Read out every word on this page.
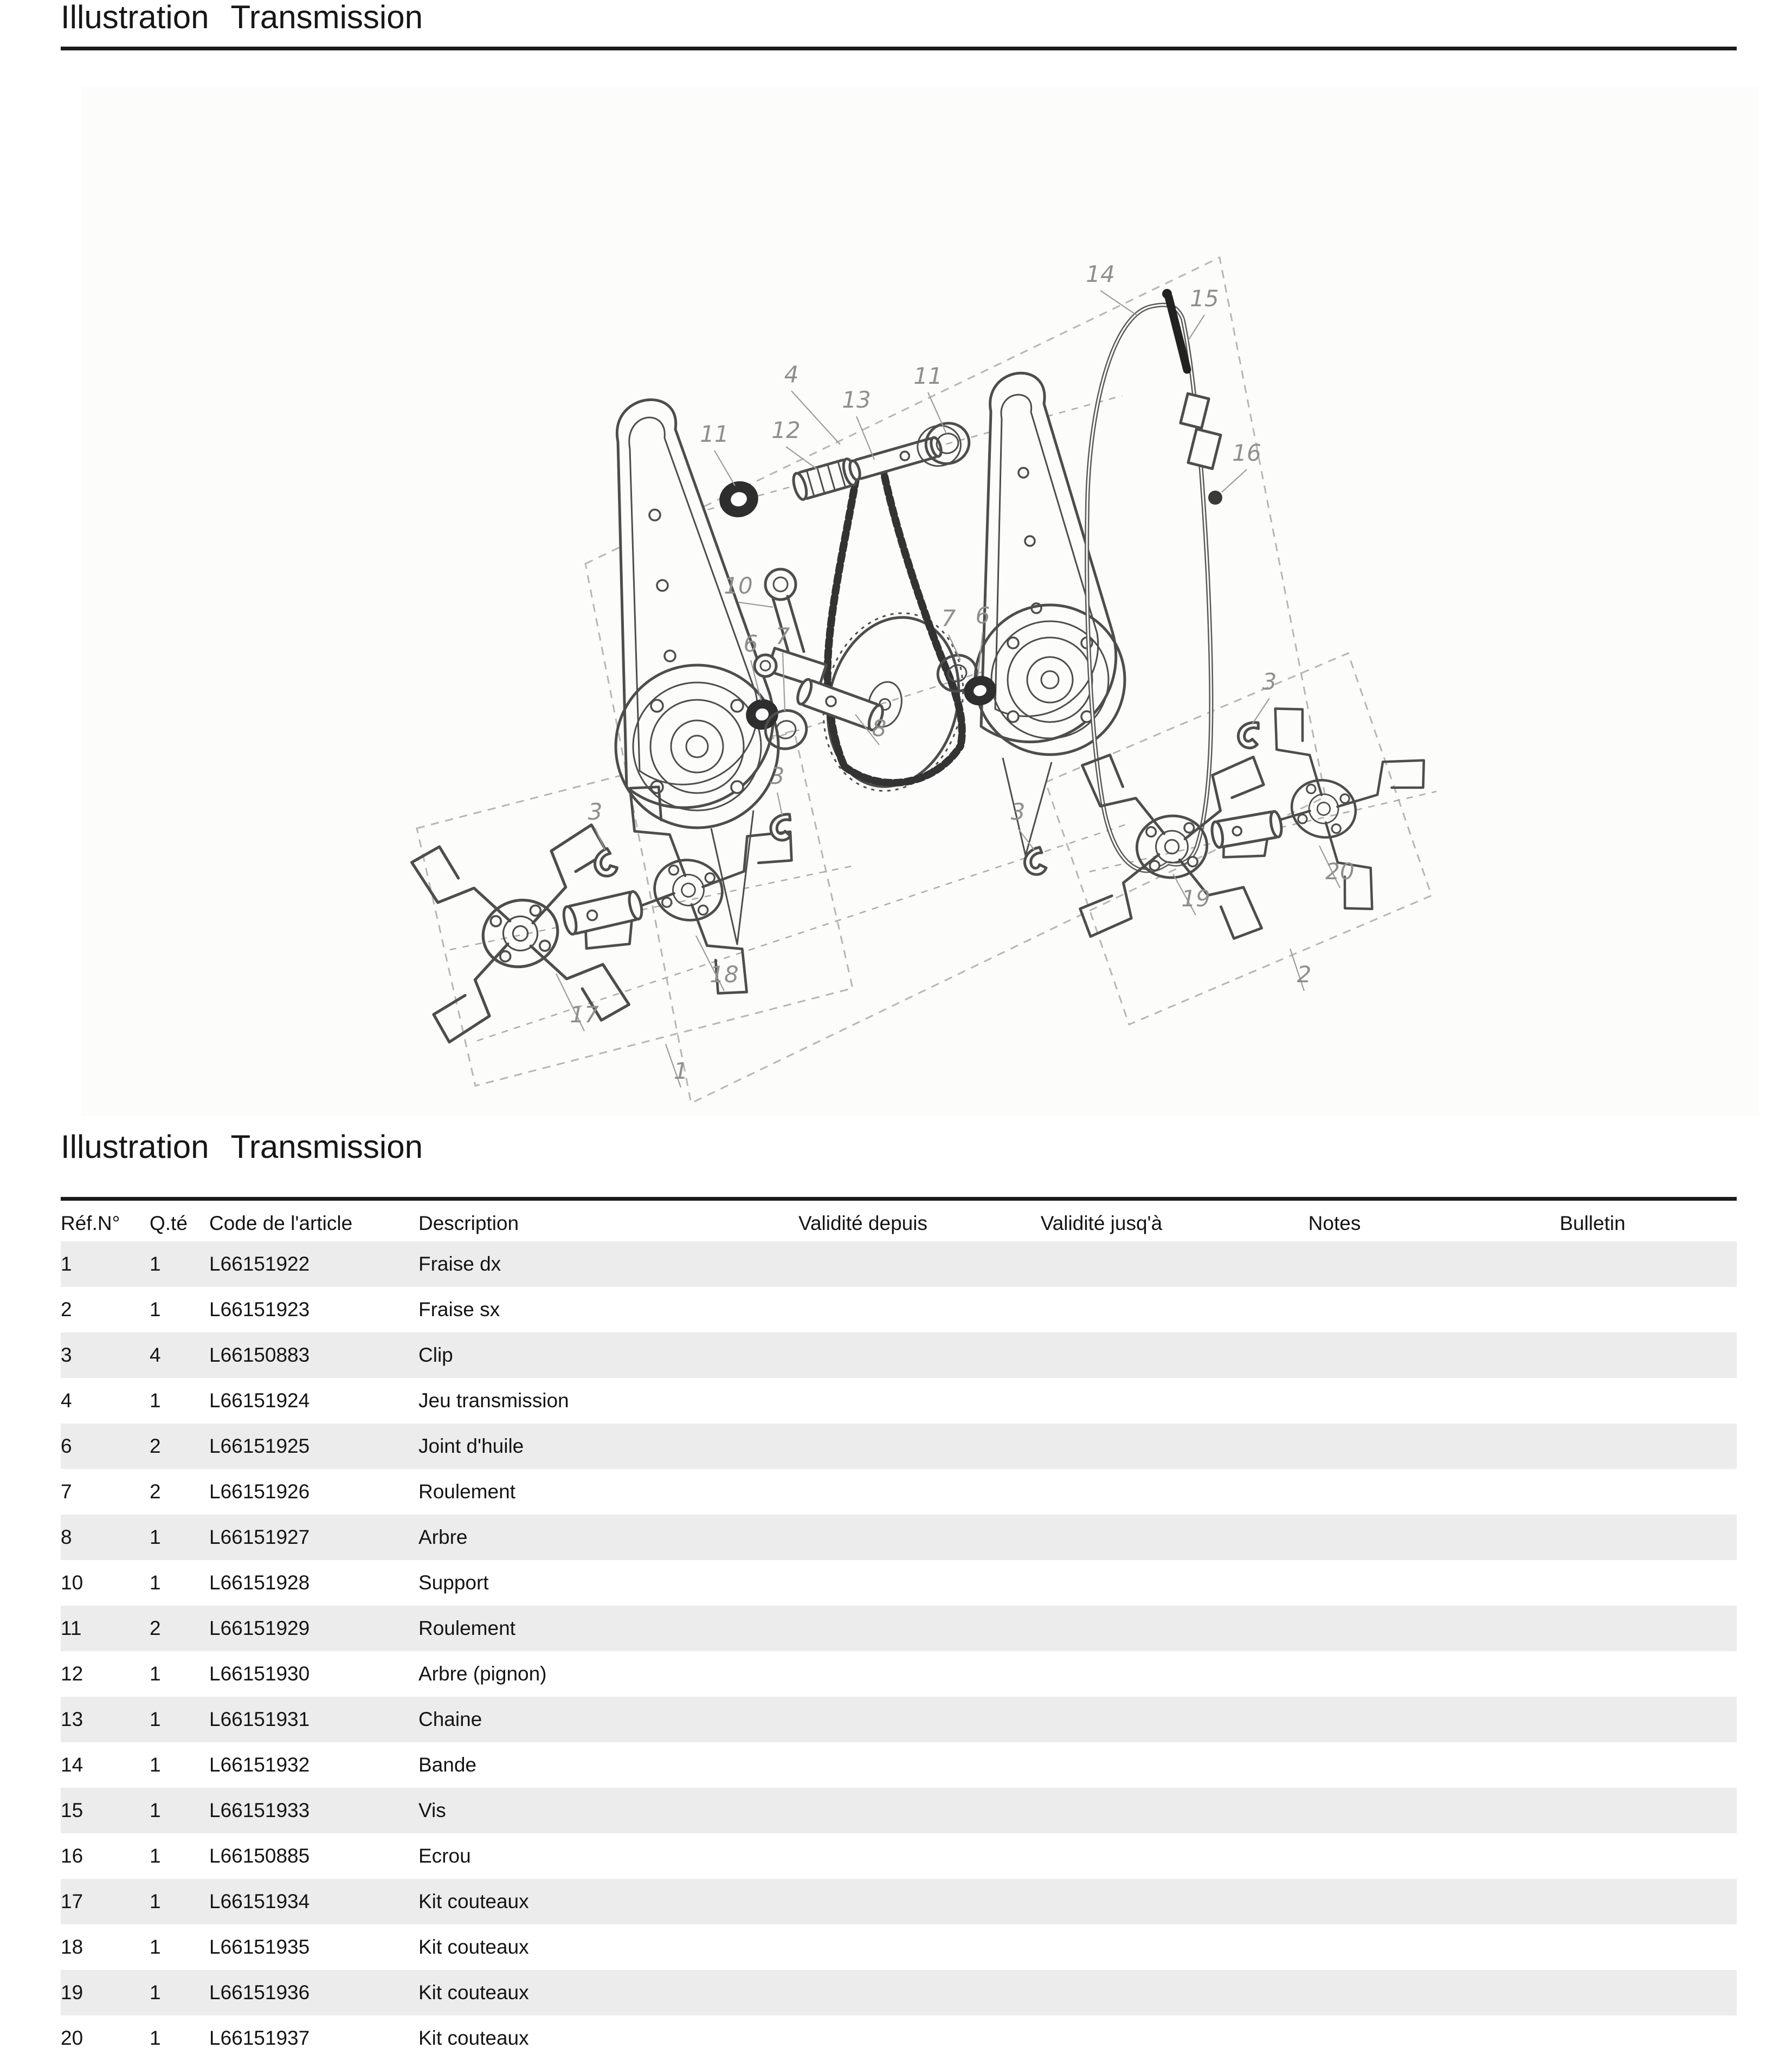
Illustration Transmission
4
14
15
16
11 12
13
11
10
8
6 7
7 6
3
3
17
18
1
3
3
19
20
2
Illustration Transmission
Réf.N°	Q.té	Code de l'article	Description	Validité depuis	Validité jusq'à	Notes	Bulletin
1	1	L66151922	Fraise dx				
2	1	L66151923	Fraise sx				
3	4	L66150883	Clip				
4	1	L66151924	Jeu transmission				
6	2	L66151925	Joint d'huile				
7	2	L66151926	Roulement				
8	1	L66151927	Arbre				
10	1	L66151928	Support				
11	2	L66151929	Roulement				
12	1	L66151930	Arbre (pignon)				
13	1	L66151931	Chaine				
14	1	L66151932	Bande				
15	1	L66151933	Vis				
16	1	L66150885	Ecrou				
17	1	L66151934	Kit couteaux				
18	1	L66151935	Kit couteaux				
19	1	L66151936	Kit couteaux				
20	1	L66151937	Kit couteaux				
